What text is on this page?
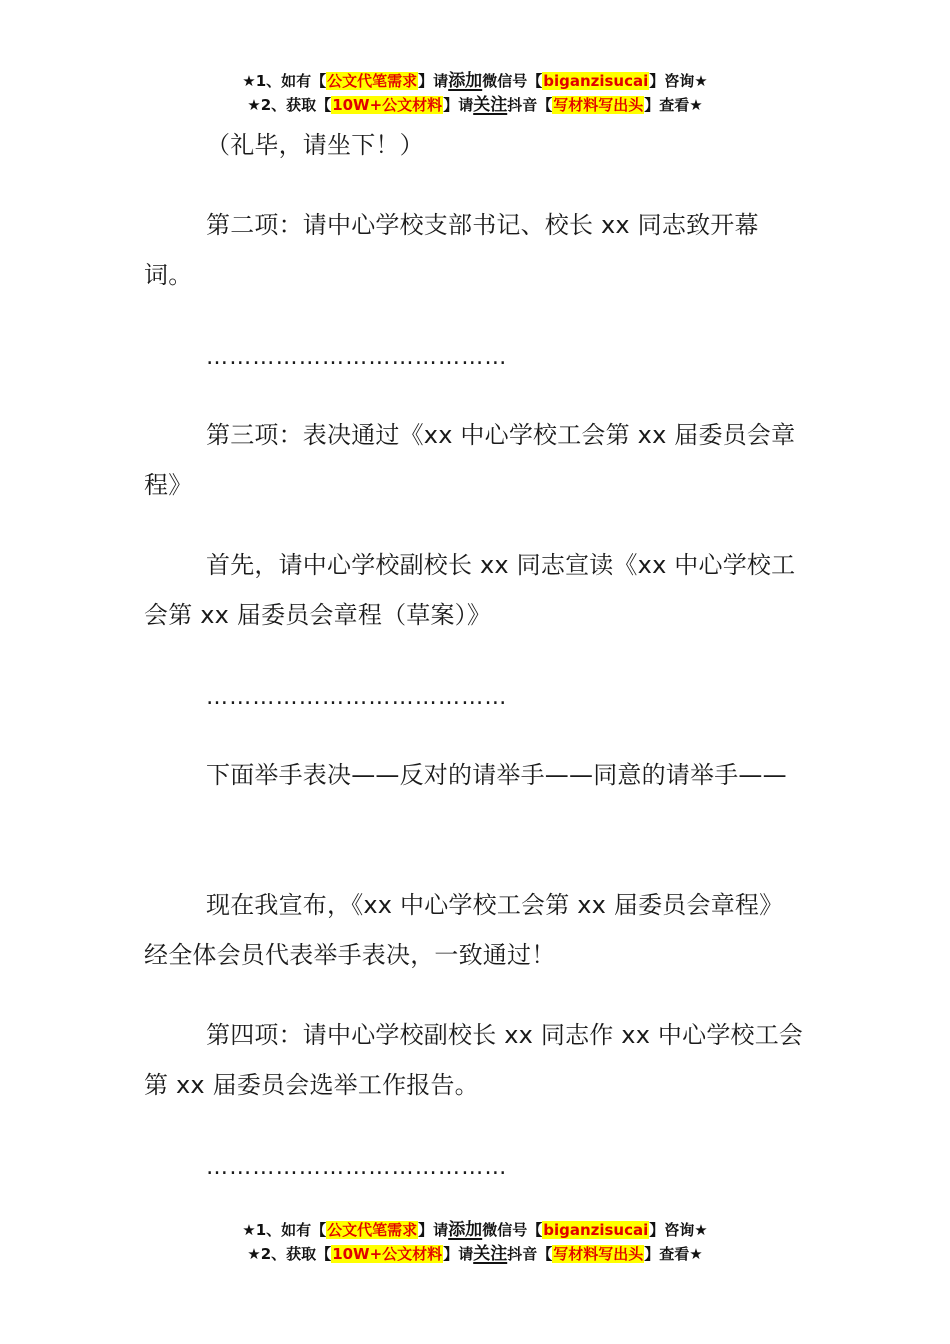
★1、如有【公文代笔需求】请添加微信号【biganzisucai】咨询★
★2、获取【10W+公文材料】请关注抖音【写材料写出头】查看★

（礼毕，请坐下！）

第二项：请中心学校支部书记、校长 xx 同志致开幕词。

…………………………………

第三项：表决通过《xx 中心学校工会第 xx 届委员会章程》

首先，请中心学校副校长 xx 同志宣读《xx 中心学校工会第 xx 届委员会章程（草案）》

…………………………………

下面举手表决——反对的请举手——同意的请举手——

现在我宣布，《xx 中心学校工会第 xx 届委员会章程》经全体会员代表举手表决，一致通过！

第四项：请中心学校副校长 xx 同志作 xx 中心学校工会第 xx 届委员会选举工作报告。

…………………………………
★1、如有【公文代笔需求】请添加微信号【biganzisucai】咨询★
★2、获取【10W+公文材料】请关注抖音【写材料写出头】查看★
